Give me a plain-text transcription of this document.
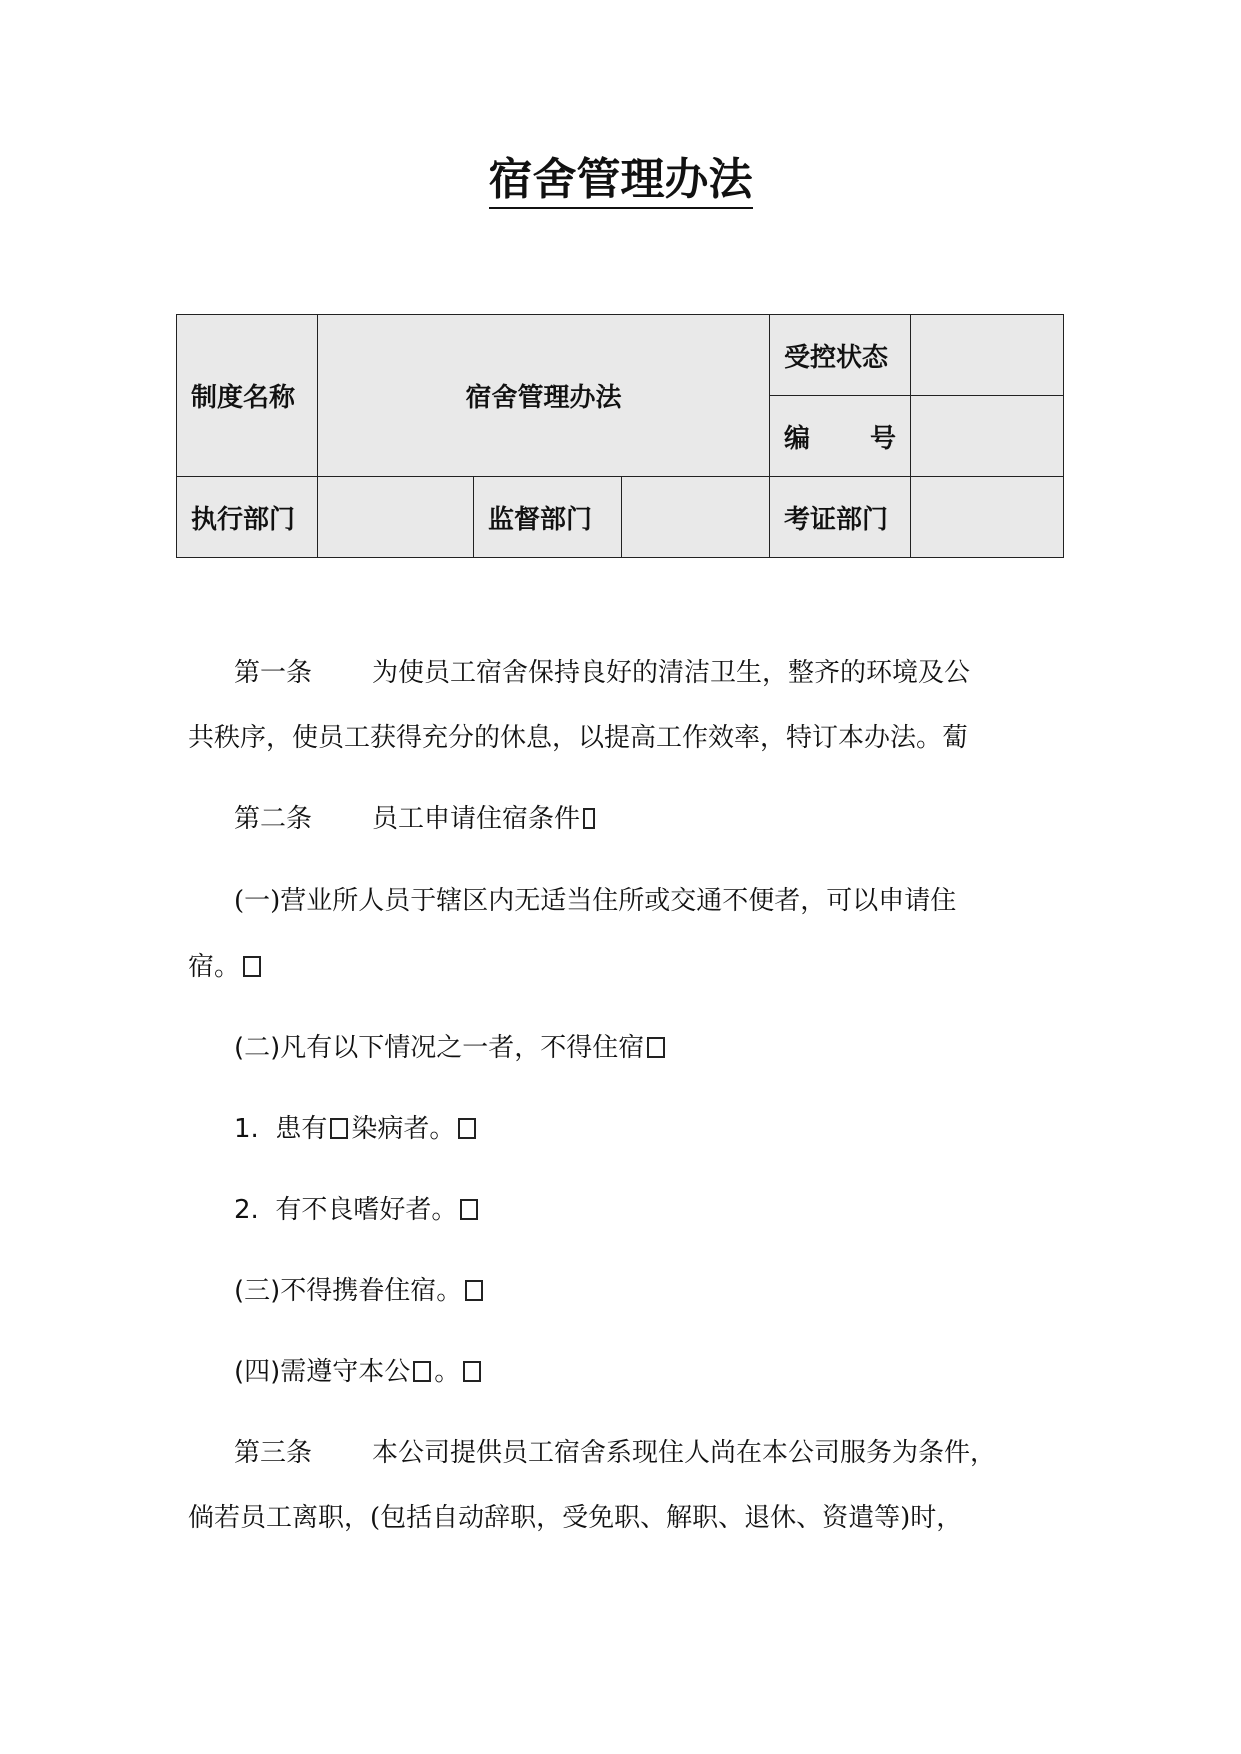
宿舍管理办法
制度名称	宿舍管理办法			受控状态	

				编 号	

执行部门		监督部门		考证部门	
第一条 为使员工宿舍保持良好的清洁卫生，整齐的环境及公
共秩序，使员工获得充分的休息，以提高工作效率，特订本办法。蔔
第二条 员工申请住宿条件
(一)营业所人员于辖区内无适当住所或交通不便者，可以申请住
宿。
(二)凡有以下情况之一者，不得住宿
1. 患有 染病者。
2. 有不良嗜好者。
(三)不得携眷住宿。
(四)需遵守本公 。
第三条 本公司提供员工宿舍系现住人尚在本公司服务为条件，
倘若员工离职，(包括自动辞职，受免职、解职、退休、资遣等)时，
